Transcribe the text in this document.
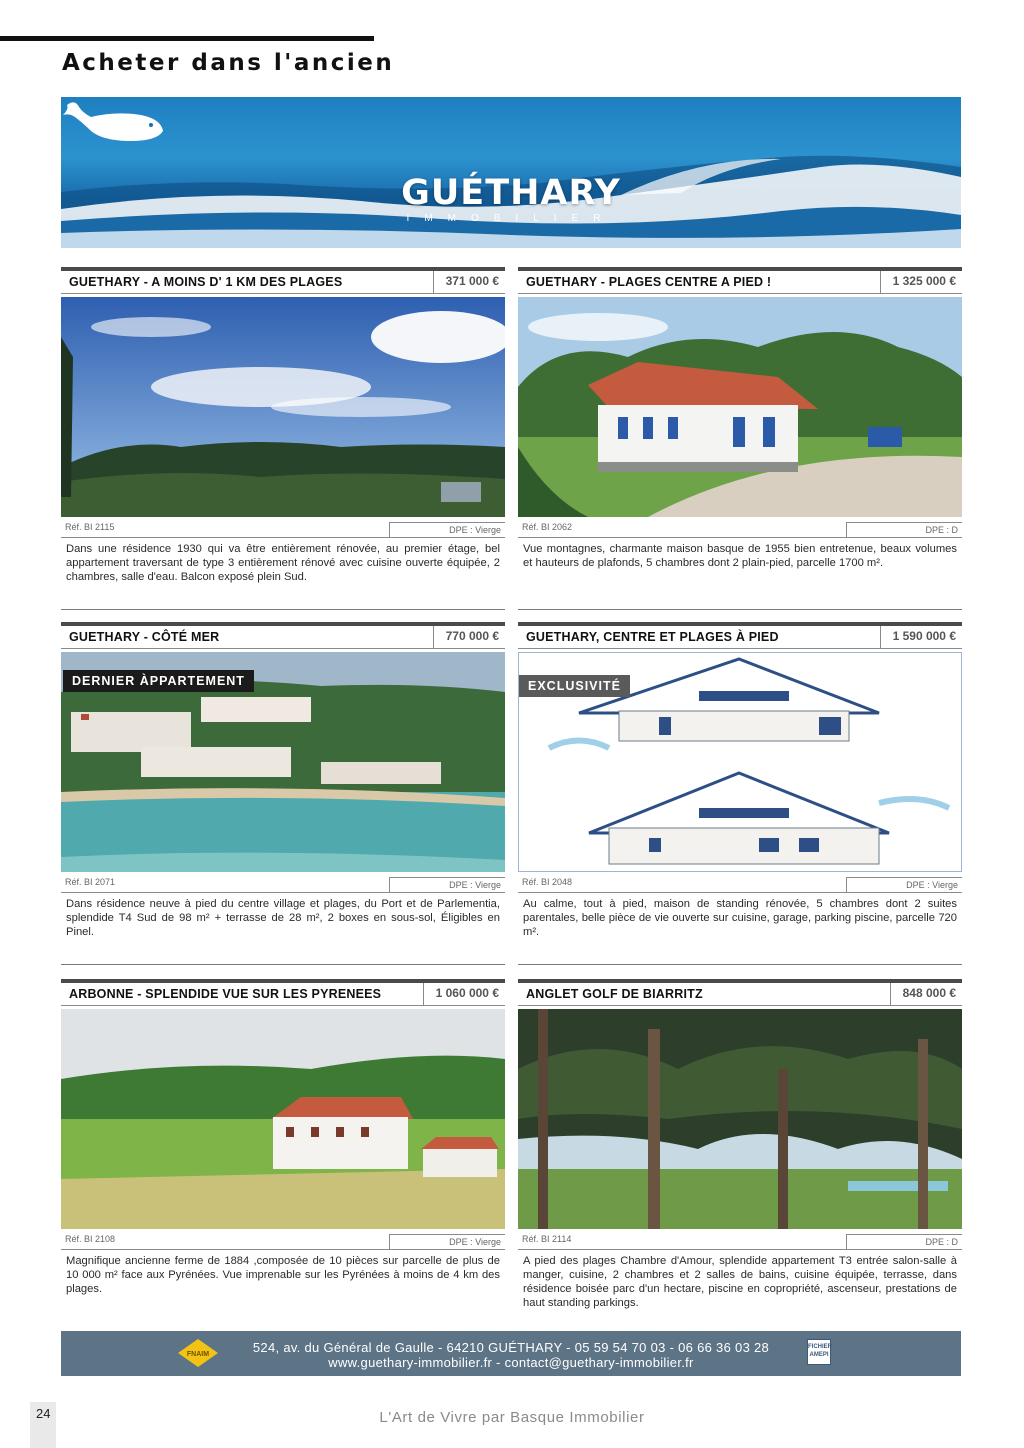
Acheter dans l'ancien
GUÉTHARY
IMMOBILIER
GUETHARY - A MOINS D' 1 KM DES PLAGES	371 000 €
Réf. BI 2115	DPE : Vierge

Dans une résidence 1930 qui va être entièrement rénovée, au premier étage, bel appartement traversant de type 3 entièrement rénové avec cuisine ouverte équipée, 2 chambres, salle d'eau. Balcon exposé plein Sud.

GUETHARY - PLAGES CENTRE A PIED !	1 325 000 €
Réf. BI 2062	DPE : D

Vue montagnes, charmante maison basque de 1955 bien entretenue, beaux volumes et hauteurs de plafonds, 5 chambres dont 2 plain-pied, parcelle 1700 m².

GUETHARY - CÔTÉ MER	770 000 €
DERNIER ÀPPARTEMENT
Réf. BI 2071	DPE : Vierge

Dans résidence neuve à pied du centre village et plages, du Port et de Parlementia, splendide T4 Sud de 98 m² + terrasse de 28 m², 2 boxes en sous-sol, Éligibles en Pinel.

GUETHARY, CENTRE ET PLAGES À PIED	1 590 000 €
EXCLUSIVITÉ
Réf. BI 2048	DPE : Vierge

Au calme, tout à pied, maison de standing rénovée, 5 chambres dont 2 suites parentales, belle pièce de vie ouverte sur cuisine, garage, parking piscine, parcelle 720 m².

ARBONNE - SPLENDIDE VUE SUR LES PYRENEES	1 060 000 €
Réf. BI 2108	DPE : Vierge

Magnifique ancienne ferme de 1884 ,composée de 10 pièces sur parcelle de plus de 10 000 m² face aux Pyrénées. Vue imprenable sur les Pyrénées à moins de 4 km des plages.

ANGLET GOLF DE BIARRITZ	848 000 €
Réf. BI 2114	DPE : D

A pied des plages Chambre d'Amour, splendide appartement T3 entrée salon-salle à manger, cuisine, 2 chambres et 2 salles de bains, cuisine équipée, terrasse, dans résidence boisée parc d'un hectare, piscine en copropriété, ascenseur, prestations de haut standing parkings.

FNAIM	524, av. du Général de Gaulle - 64210 GUÉTHARY - 05 59 54 70 03 - 06 66 36 03 28
www.guethary-immobilier.fr - contact@guethary-immobilier.fr
FICHIER AMEPI
24	L'Art de Vivre par Basque Immobilier
